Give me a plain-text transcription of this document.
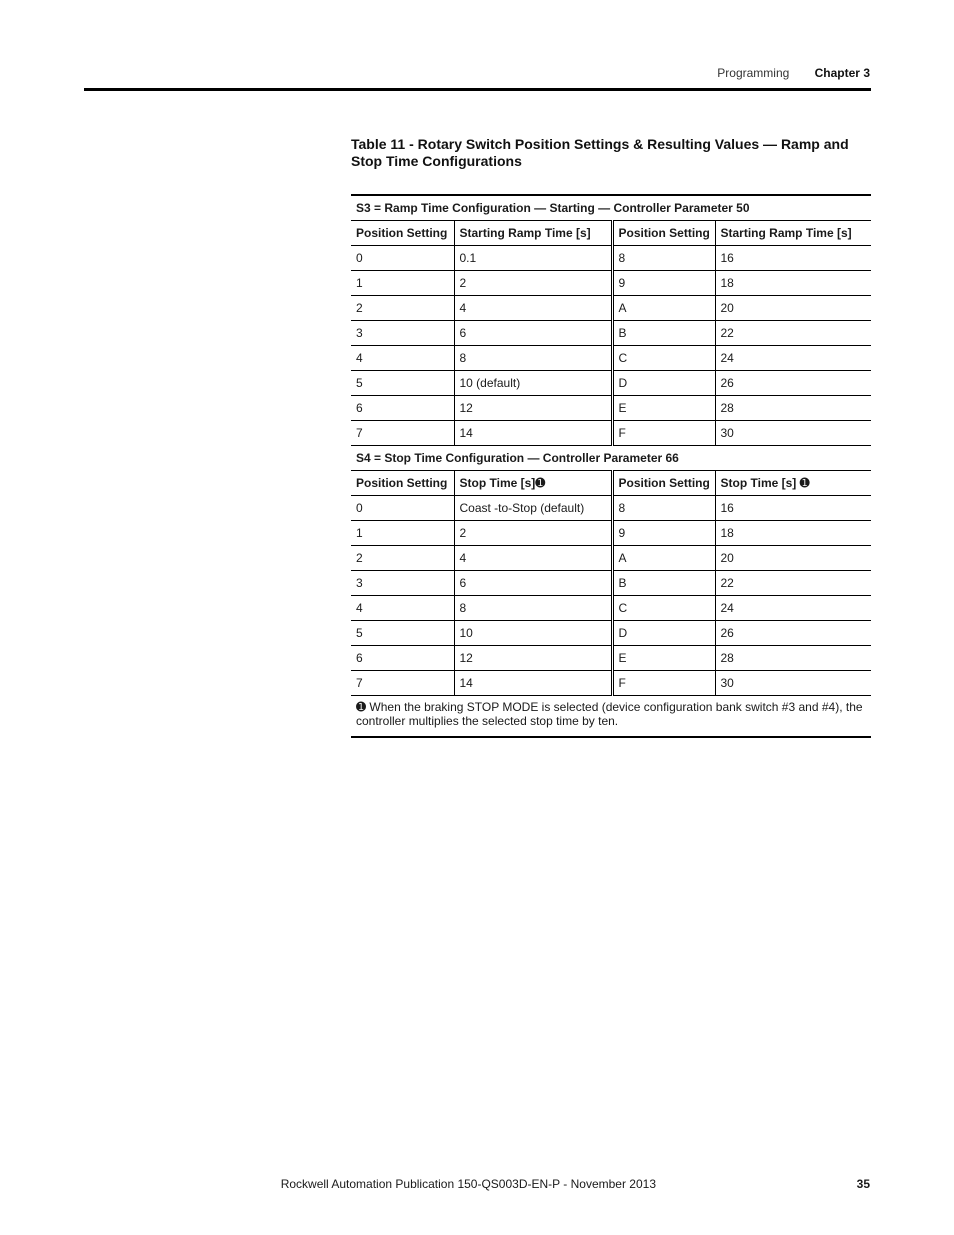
Programming Chapter 3
Table 11 - Rotary Switch Position Settings & Resulting Values — Ramp and Stop Time Configurations
S3 = Ramp Time Configuration — Starting — Controller Parameter 50			
Position Setting	Starting Ramp Time [s]	Position Setting	Starting Ramp Time [s]
0	0.1	8	16
1	2	9	18
2	4	A	20
3	6	B	22
4	8	C	24
5	10 (default)	D	26
6	12	E	28
7	14	F	30
S4 = Stop Time Configuration — Controller Parameter 66			
Position Setting	Stop Time [s]➊	Position Setting	Stop Time [s] ➊
0	Coast -to-Stop (default)	8	16
1	2	9	18
2	4	A	20
3	6	B	22
4	8	C	24
5	10	D	26
6	12	E	28
7	14	F	30
➊ When the braking STOP MODE is selected (device configuration bank switch #3 and #4), the controller multiplies the selected stop time by ten.			
Rockwell Automation Publication 150-QS003D-EN-P - November 2013	35
